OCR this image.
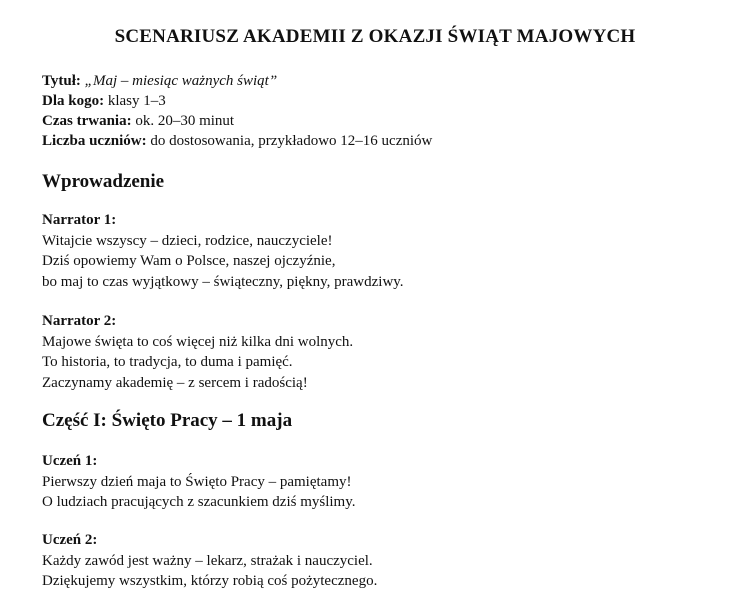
SCENARIUSZ AKADEMII Z OKAZJI ŚWIĄT MAJOWYCH
Tytuł: „Maj – miesiąc ważnych świąt”
Dla kogo: klasy 1–3
Czas trwania: ok. 20–30 minut
Liczba uczniów: do dostosowania, przykładowo 12–16 uczniów
Wprowadzenie
Narrator 1:
Witajcie wszyscy – dzieci, rodzice, nauczyciele!
Dziś opowiemy Wam o Polsce, naszej ojczyźnie,
bo maj to czas wyjątkowy – świąteczny, piękny, prawdziwy.
Narrator 2:
Majowe święta to coś więcej niż kilka dni wolnych.
To historia, to tradycja, to duma i pamięć.
Zaczynamy akademię – z sercem i radością!
Część I: Święto Pracy – 1 maja
Uczeń 1:
Pierwszy dzień maja to Święto Pracy – pamiętamy!
O ludziach pracujących z szacunkiem dziś myślimy.
Uczeń 2:
Każdy zawód jest ważny – lekarz, strażak i nauczyciel.
Dziękujemy wszystkim, którzy robią coś pożytecznego.
